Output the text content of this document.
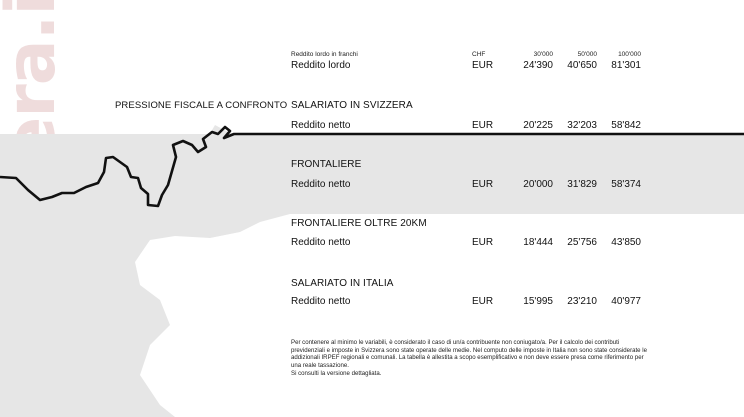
PRESSIONE FISCALE A CONFRONTO
Reddito lordo in franchi	CHF	30'000	50'000	100'000
Reddito lordo	EUR	24'390	40'650	81'301
SALARIATO IN SVIZZERA
Reddito netto	EUR	20'225	32'203	58'842
FRONTALIERE
Reddito netto	EUR	20'000	31'829	58'374
FRONTALIERE OLTRE 20KM
Reddito netto	EUR	18'444	25'756	43'850
SALARIATO IN ITALIA
Reddito netto	EUR	15'995	23'210	40'977

Per contenere al minimo le variabili, è considerato il caso di un/a contribuente non coniugato/a. Per il calcolo dei contributi previdenziali e imposte in Svizzera sono state operate delle medie. Nel computo delle imposte in Italia non sono state considerate le addizionali IRPEF regionali e comunali. La tabella è allestita a scopo esemplificativo e non deve essere presa come riferimento per una reale tassazione.

Si consulti la versione dettagliata.
